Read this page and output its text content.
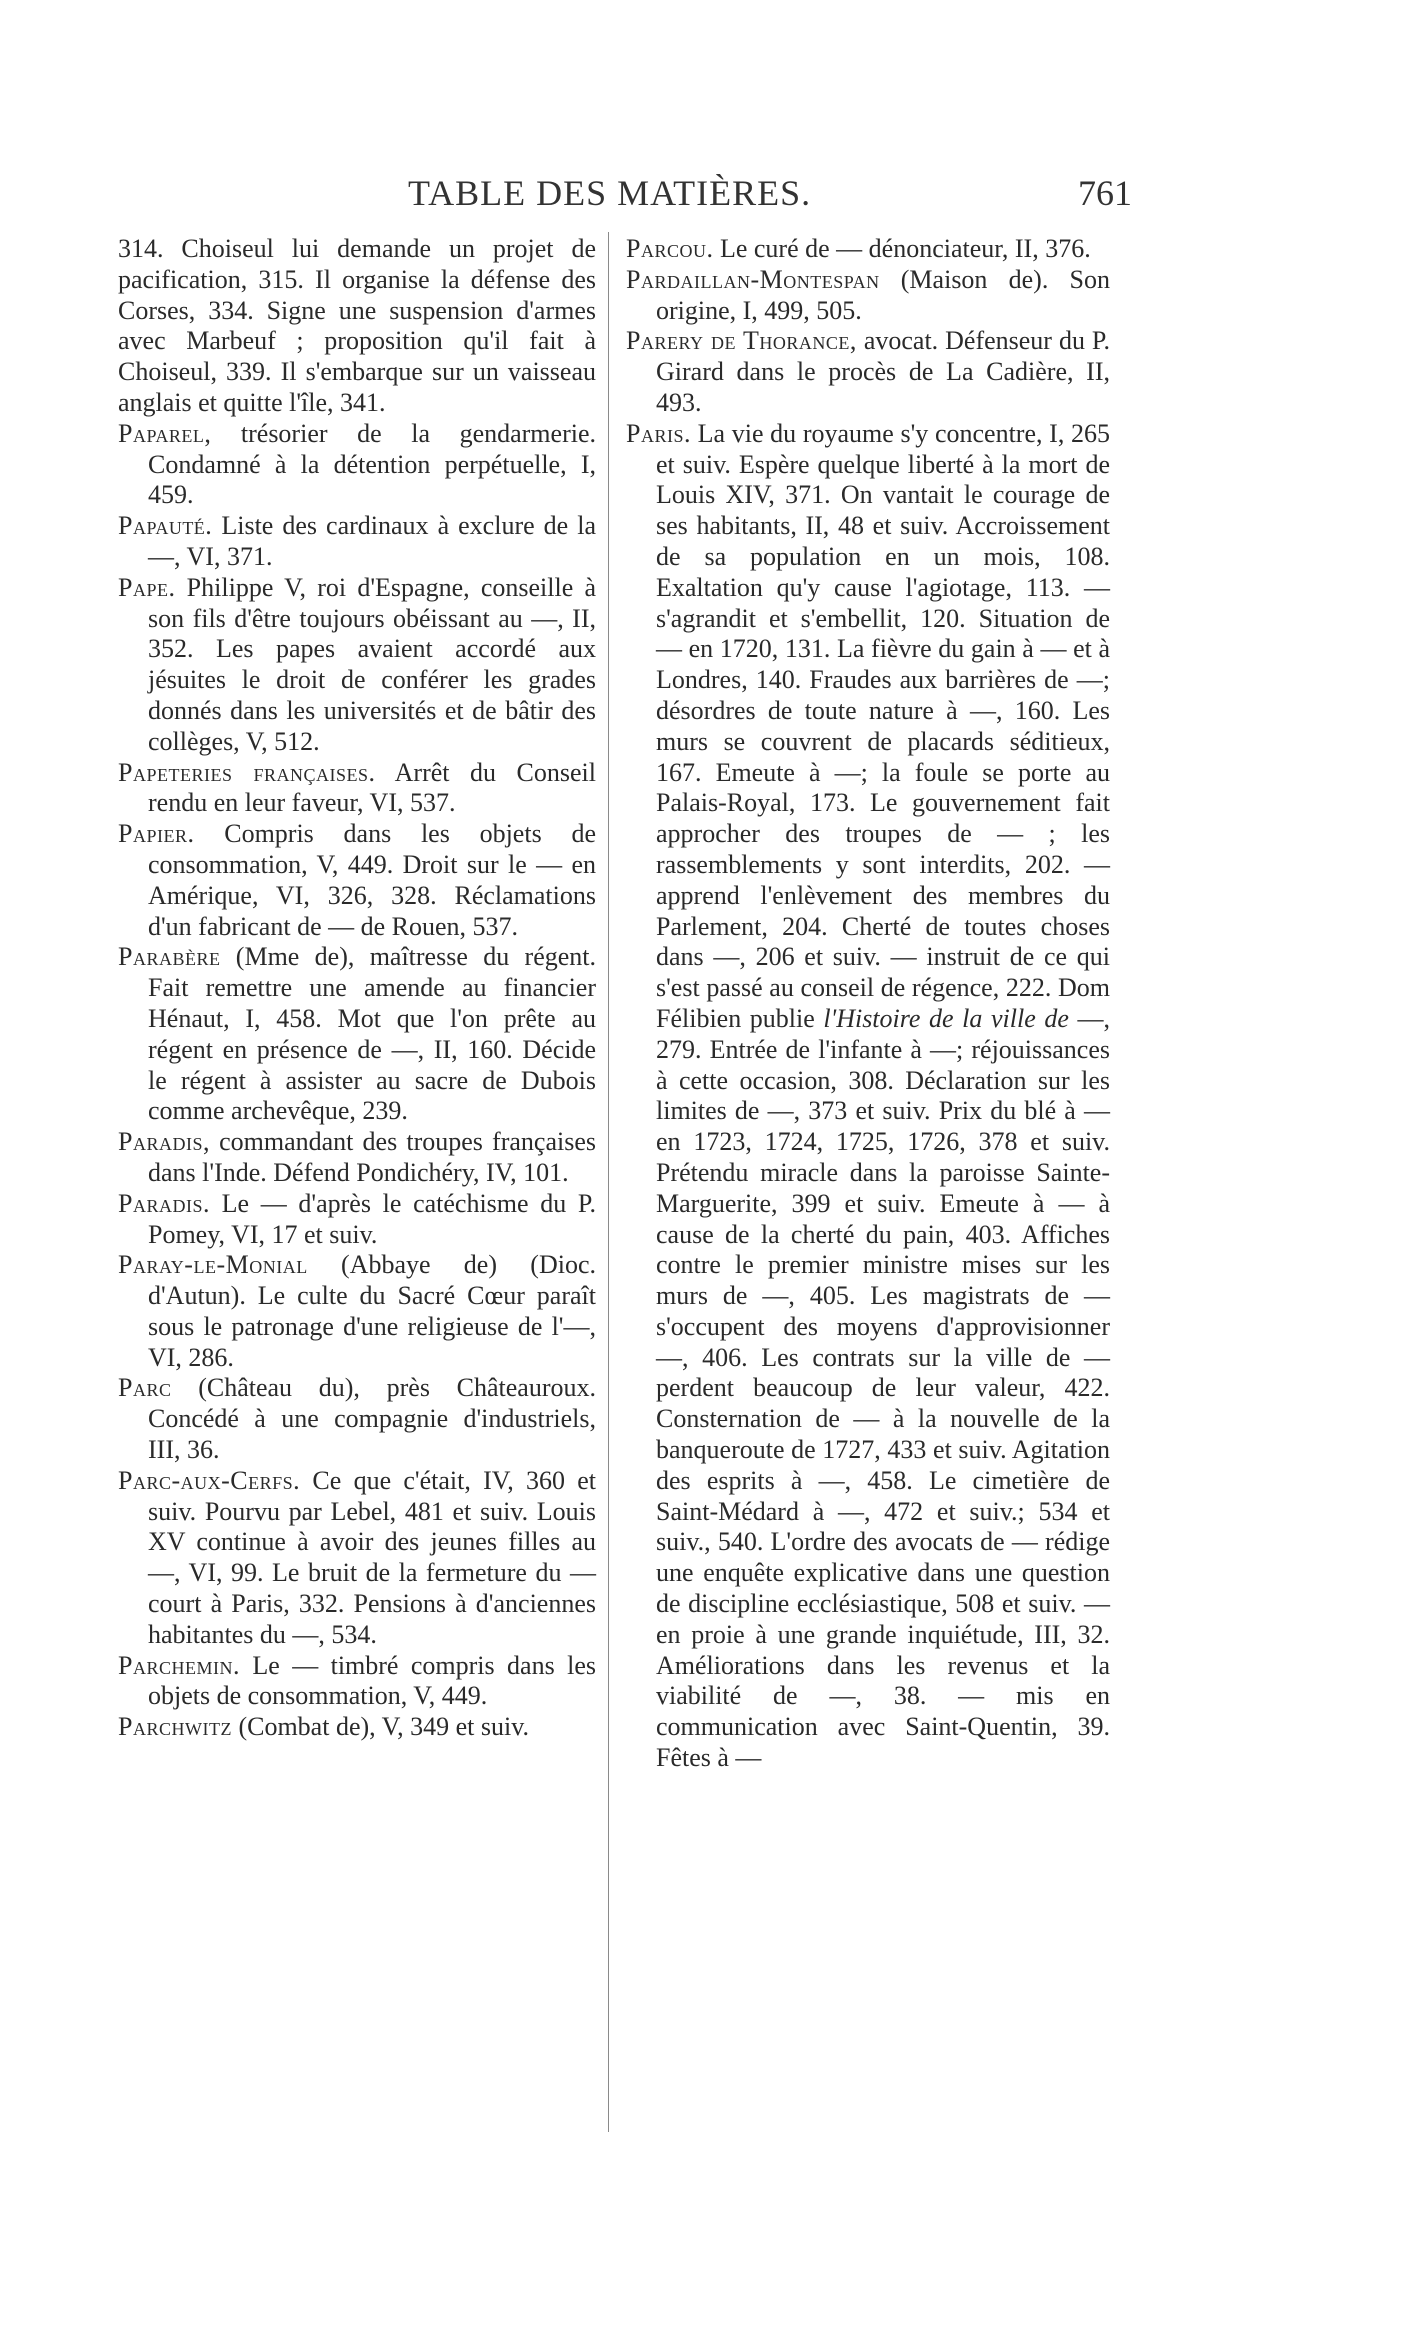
TABLE DES MATIÈRES.	761

314. Choiseul lui demande un projet de pacification, 315. Il organise la défense des Corses, 334. Signe une suspension d'armes avec Marbeuf ; proposition qu'il fait à Choiseul, 339. Il s'embarque sur un vaisseau anglais et quitte l'île, 341.

Paparel, trésorier de la gendarmerie. Condamné à la détention perpétuelle, I, 459.

Papauté. Liste des cardinaux à exclure de la —, VI, 371.

Pape. Philippe V, roi d'Espagne, conseille à son fils d'être toujours obéissant au —, II, 352. Les papes avaient accordé aux jésuites le droit de conférer les grades donnés dans les universités et de bâtir des collèges, V, 512.

Papeteries françaises. Arrêt du Conseil rendu en leur faveur, VI, 537.

Papier. Compris dans les objets de consommation, V, 449. Droit sur le — en Amérique, VI, 326, 328. Réclamations d'un fabricant de — de Rouen, 537.

Parabère (Mme de), maîtresse du régent. Fait remettre une amende au financier Hénaut, I, 458. Mot que l'on prête au régent en présence de —, II, 160. Décide le régent à assister au sacre de Dubois comme archevêque, 239.

Paradis, commandant des troupes françaises dans l'Inde. Défend Pondichéry, IV, 101.

Paradis. Le — d'après le catéchisme du P. Pomey, VI, 17 et suiv.

Paray-le-Monial (Abbaye de) (Dioc. d'Autun). Le culte du Sacré Cœur paraît sous le patronage d'une religieuse de l'—, VI, 286.

Parc (Château du), près Châteauroux. Concédé à une compagnie d'industriels, III, 36.

Parc-aux-Cerfs. Ce que c'était, IV, 360 et suiv. Pourvu par Lebel, 481 et suiv. Louis XV continue à avoir des jeunes filles au —, VI, 99. Le bruit de la fermeture du — court à Paris, 332. Pensions à d'anciennes habitantes du —, 534.

Parchemin. Le — timbré compris dans les objets de consommation, V, 449.

Parchwitz (Combat de), V, 349 et suiv.

Parcou. Le curé de — dénonciateur, II, 376.

Pardaillan-Montespan (Maison de). Son origine, I, 499, 505.

Parery de Thorance, avocat. Défenseur du P. Girard dans le procès de La Cadière, II, 493.

Paris. La vie du royaume s'y concentre, I, 265 et suiv. Espère quelque liberté à la mort de Louis XIV, 371. On vantait le courage de ses habitants, II, 48 et suiv. Accroissement de sa population en un mois, 108. Exaltation qu'y cause l'agiotage, 113. — s'agrandit et s'embellit, 120. Situation de — en 1720, 131. La fièvre du gain à — et à Londres, 140. Fraudes aux barrières de —; désordres de toute nature à —, 160. Les murs se couvrent de placards séditieux, 167. Emeute à —; la foule se porte au Palais-Royal, 173. Le gouvernement fait approcher des troupes de — ; les rassemblements y sont interdits, 202. — apprend l'enlèvement des membres du Parlement, 204. Cherté de toutes choses dans —, 206 et suiv. — instruit de ce qui s'est passé au conseil de régence, 222. Dom Félibien publie l'Histoire de la ville de —, 279. Entrée de l'infante à —; réjouissances à cette occasion, 308. Déclaration sur les limites de —, 373 et suiv. Prix du blé à — en 1723, 1724, 1725, 1726, 378 et suiv. Prétendu miracle dans la paroisse Sainte-Marguerite, 399 et suiv. Emeute à — à cause de la cherté du pain, 403. Affiches contre le premier ministre mises sur les murs de —, 405. Les magistrats de — s'occupent des moyens d'approvisionner —, 406. Les contrats sur la ville de — perdent beaucoup de leur valeur, 422. Consternation de — à la nouvelle de la banqueroute de 1727, 433 et suiv. Agitation des esprits à —, 458. Le cimetière de Saint-Médard à —, 472 et suiv.; 534 et suiv., 540. L'ordre des avocats de — rédige une enquête explicative dans une question de discipline ecclésiastique, 508 et suiv. — en proie à une grande inquiétude, III, 32. Améliorations dans les revenus et la viabilité de —, 38. — mis en communication avec Saint-Quentin, 39. Fêtes à —
